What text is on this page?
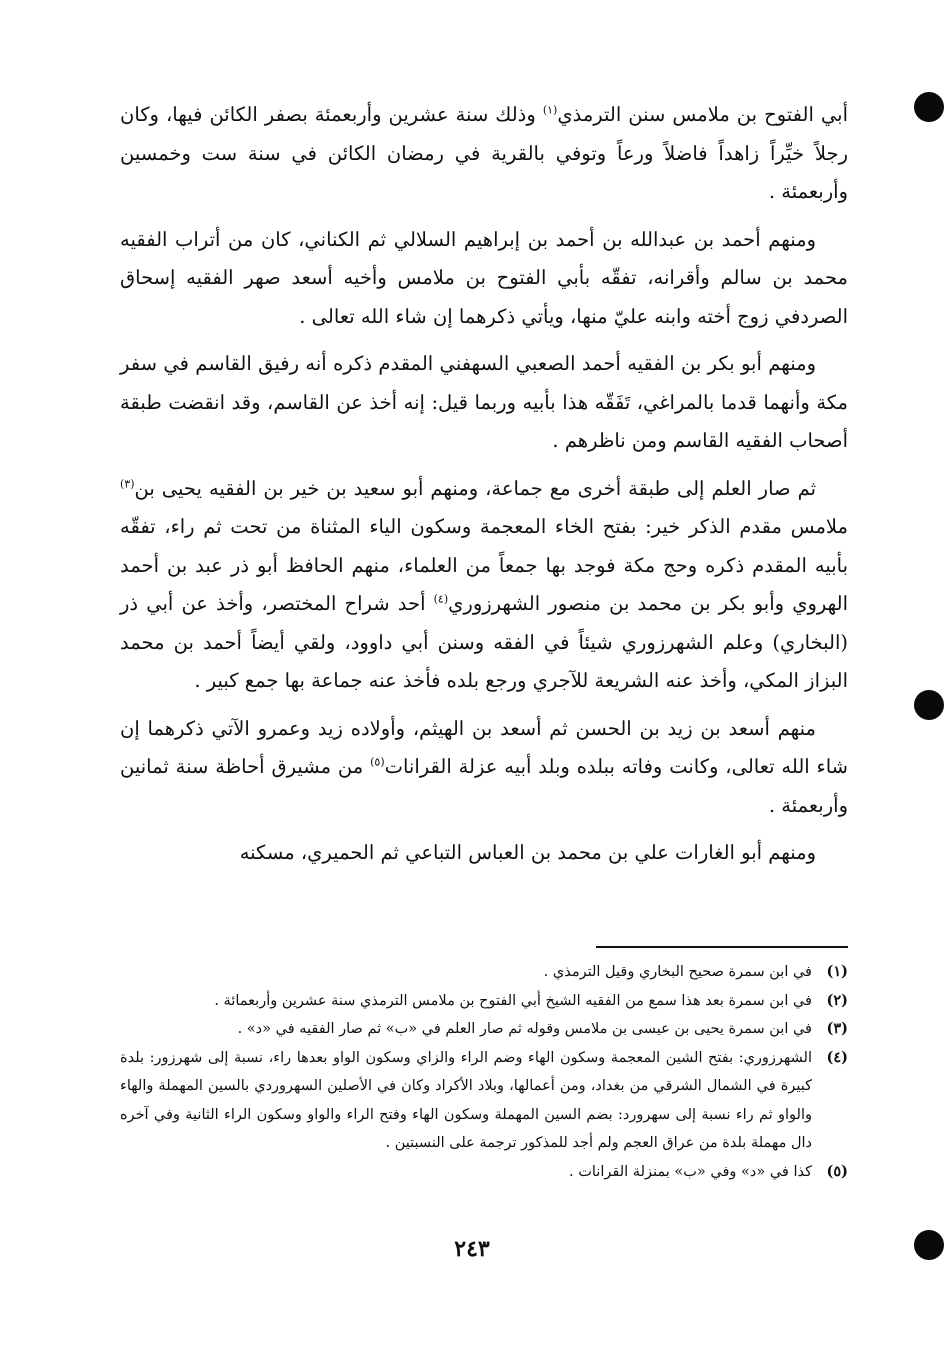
أبي الفتوح بن ملامس سنن الترمذي$^{(١)}$ وذلك سنة عشرين وأربعمئة بصفر الكائن فيها، وكان رجلاً خيِّراً زاهداً فاضلاً ورعاً وتوفي بالقرية في رمضان الكائن في سنة ست وخمسين وأربعمئة .

ومنهم أحمد بن عبدالله بن أحمد بن إبراهيم السلالي ثم الكناني، كان من أتراب الفقيه محمد بن سالم وأقرانه، تفقّه بأبي الفتوح بن ملامس وأخيه أسعد صهر الفقيه إسحاق الصردفي زوج أخته وابنه عليّ منها، ويأتي ذكرهما إن شاء الله تعالى .

ومنهم أبو بكر بن الفقيه أحمد الصعبي السهفني المقدم ذكره أنه رفيق القاسم في سفر مكة وأنهما قدما بالمراغي، تَفَقّه هذا بأبيه وربما قيل: إنه أخذ عن القاسم، وقد انقضت طبقة أصحاب الفقيه القاسم ومن ناظرهم .

ثم صار العلم إلى طبقة أخرى مع جماعة، ومنهم أبو سعيد بن خير بن الفقيه يحيى بن$^{(٣)}$ ملامس مقدم الذكر خير: بفتح الخاء المعجمة وسكون الياء المثناة من تحت ثم راء، تفقّه بأبيه المقدم ذكره وحج مكة فوجد بها جمعاً من العلماء، منهم الحافظ أبو ذر عبد بن أحمد الهروي وأبو بكر بن محمد بن منصور الشهرزوري$^{(٤)}$ أحد شراح المختصر، وأخذ عن أبي ذر (البخاري) وعلم الشهرزوري شيئاً في الفقه وسنن أبي داوود، ولقي أيضاً أحمد بن محمد البزاز المكي، وأخذ عنه الشريعة للآجري ورجع بلده فأخذ عنه جماعة بها جمع كبير .

منهم أسعد بن زيد بن الحسن ثم أسعد بن الهيثم، وأولاده زيد وعمرو الآتي ذكرهما إن شاء الله تعالى، وكانت وفاته ببلده وبلد أبيه عزلة القرانات$^{(٥)}$ من مشيرق أحاظة سنة ثمانين وأربعمئة .

ومنهم أبو الغارات علي بن محمد بن العباس التباعي ثم الحميري، مسكنه

(١)
في ابن سمرة صحيح البخاري وقيل الترمذي .
(٢)
في ابن سمرة بعد هذا سمع من الفقيه الشيخ أبي الفتوح بن ملامس الترمذي سنة عشرين وأربعمائة .
(٣)
في ابن سمرة يحيى بن عيسى بن ملامس وقوله ثم صار العلم في «ب» ثم صار الفقيه في «د» .
(٤)
الشهرزوري: بفتح الشين المعجمة وسكون الهاء وضم الراء والزاي وسكون الواو بعدها راء، نسبة إلى شهرزور: بلدة كبيرة في الشمال الشرقي من بغداد، ومن أعمالها، وبلاد الأكراد وكان في الأصلين السهروردي بالسين المهملة والهاء والواو ثم راء نسبة إلى سهرورد: بضم السين المهملة وسكون الهاء وفتح الراء والواو وسكون الراء الثانية وفي آخره دال مهملة بلدة من عراق العجم ولم أجد للمذكور ترجمة على النسبتين .
(٥)
كذا في «د» وفي «ب» بمنزلة القرانات .
٢٤٣
